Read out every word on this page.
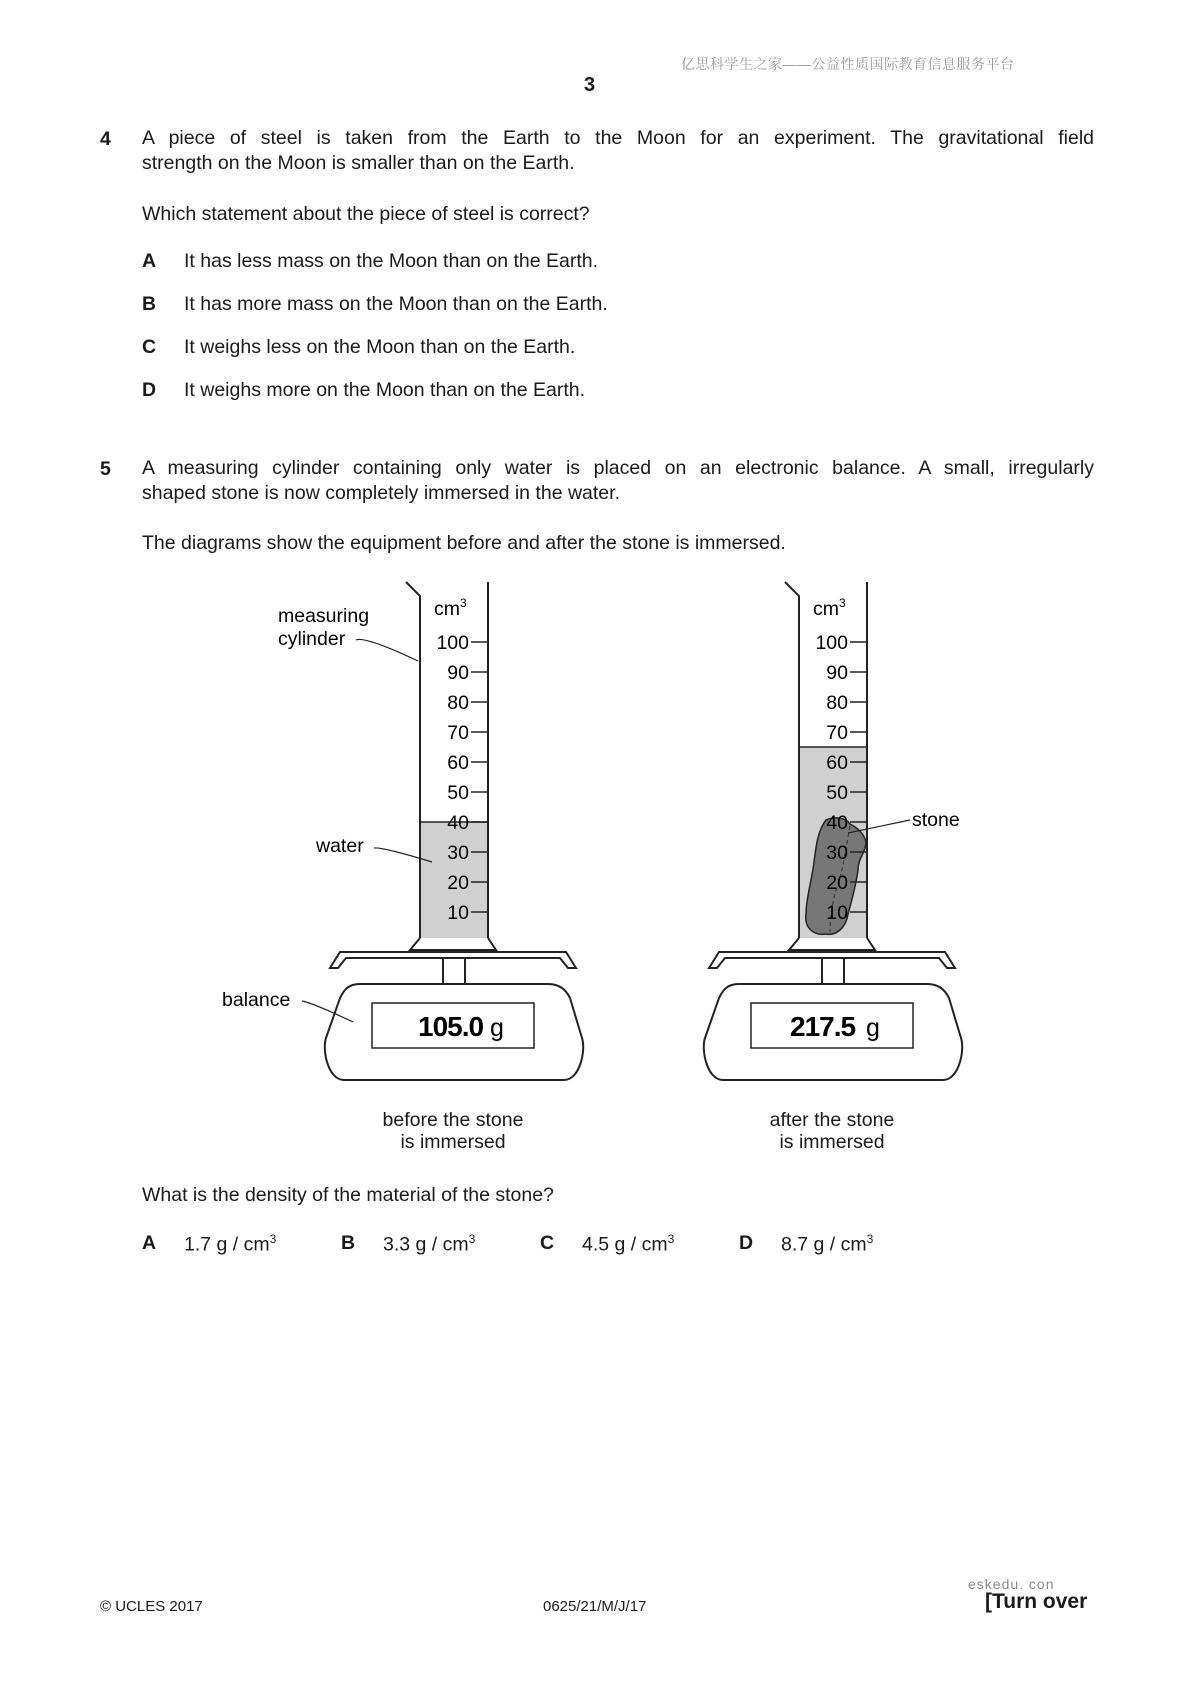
亿思科学生之家——公益性质国际教育信息服务平台
3
4 A piece of steel is taken from the Earth to the Moon for an experiment. The gravitational field
strength on the Moon is smaller than on the Earth.
Which statement about the piece of steel is correct?
A It has less mass on the Moon than on the Earth.
B It has more mass on the Moon than on the Earth.
C It weighs less on the Moon than on the Earth.
D It weighs more on the Moon than on the Earth.
5 A measuring cylinder containing only water is placed on an electronic balance. A small, irregularly
shaped stone is now completely immersed in the water.
The diagrams show the equipment before and after the stone is immersed.
$cm^3$
100
90
80
70
60
50
40
30
20
10
105.0 g
measuring
cylinder
water
balance
$cm^3$
100
90
80
70
60
50
40
30
20
10
217.5 g
stone
before the stone
is immersed
after the stone
is immersed
What is the density of the material of the stone?
A 1.7 g / $cm^3$	B 3.3 g / $cm^3$	C 4.5 g / $cm^3$	D 8.7 g / $cm^3$
eskedu. con
© UCLES 2017	0625/21/M/J/17	[Turn over
